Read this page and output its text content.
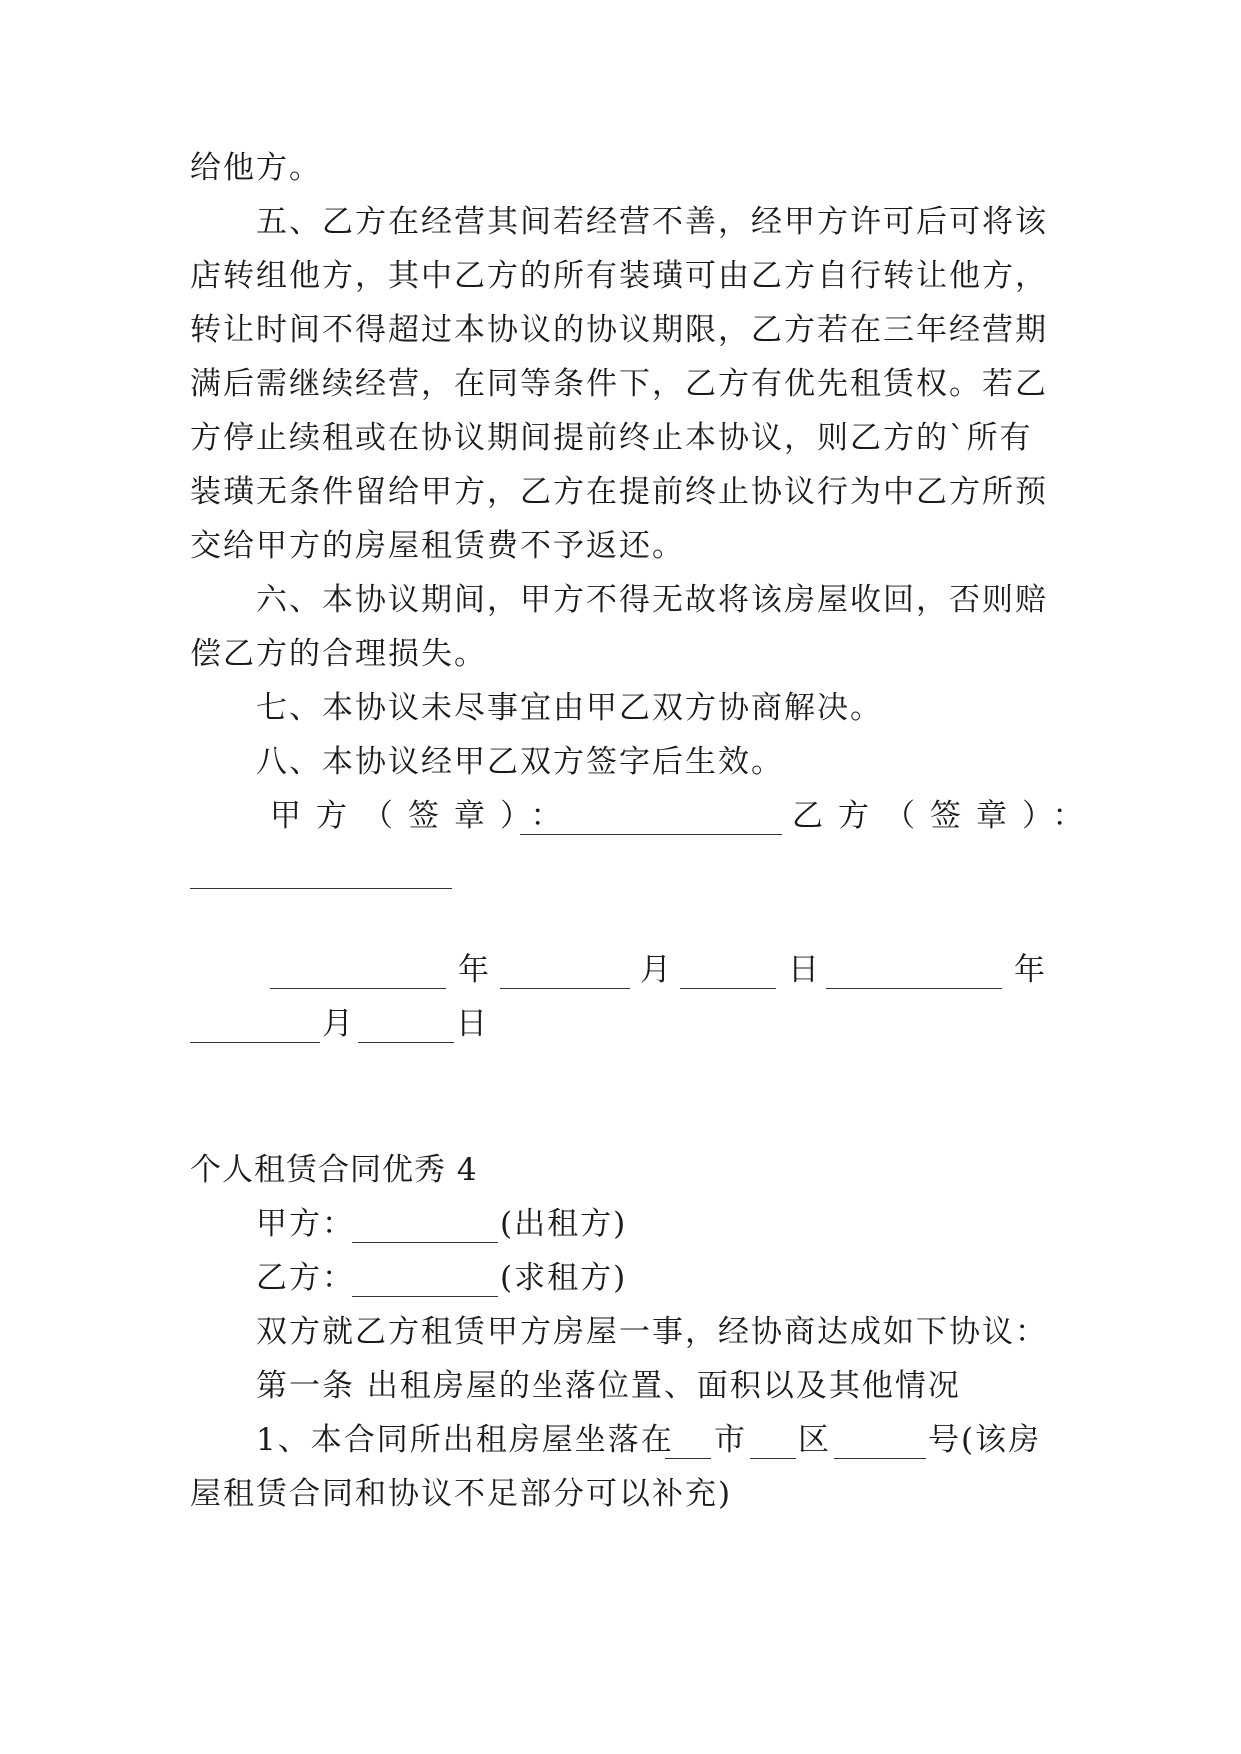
给他方。
五、乙方在经营其间若经营不善，经甲方许可后可将该
店转组他方，其中乙方的所有装璜可由乙方自行转让他方，
转让时间不得超过本协议的协议期限，乙方若在三年经营期
满后需继续经营，在同等条件下，乙方有优先租赁权。若乙
方停止续租或在协议期间提前终止本协议，则乙方的`所有
装璜无条件留给甲方，乙方在提前终止协议行为中乙方所预
交给甲方的房屋租赁费不予返还。
六、本协议期间，甲方不得无故将该房屋收回，否则赔
偿乙方的合理损失。
七、本协议未尽事宜由甲乙双方协商解决。
八、本协议经甲乙双方签字后生效。
甲方（签章）：	乙方（签章）：
年	月	日	年
月	日
个人租赁合同优秀 4
甲方：	(出租方)
乙方：	(求租方)
双方就乙方租赁甲方房屋一事，经协商达成如下协议：
第一条 出租房屋的坐落位置、面积以及其他情况
1、本合同所出租房屋坐落在 市 区	号(该房
屋租赁合同和协议不足部分可以补充)
